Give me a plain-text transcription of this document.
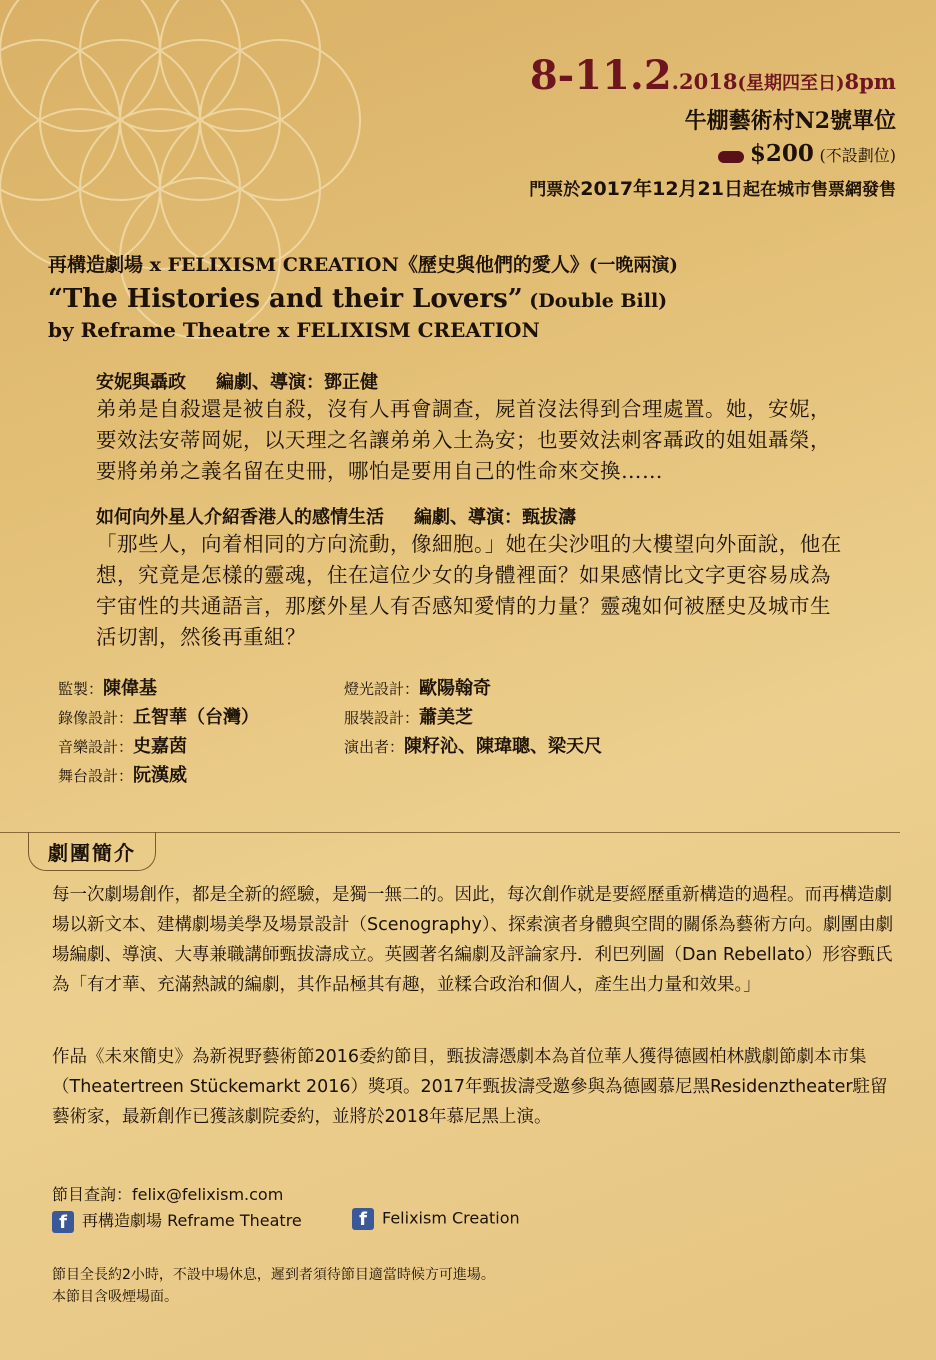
8-11.2.2018(星期四至日)8pm
牛棚藝術村N2號單位
$200 (不設劃位)
門票於2017年12月21日起在城市售票網發售
再構造劇場 x FELIXISM CREATION《歷史與他們的愛人》(一晚兩演)
“The Histories and their Lovers” (Double Bill)
by Reframe Theatre x FELIXISM CREATION
安妮與聶政 編劇、導演：鄧正健
弟弟是自殺還是被自殺，沒有人再會調查，屍首沒法得到合理處置。她，安妮，要效法安蒂岡妮，以天理之名讓弟弟入土為安；也要效法刺客聶政的姐姐聶榮，要將弟弟之義名留在史冊，哪怕是要用自己的性命來交換……
如何向外星人介紹香港人的感情生活 編劇、導演：甄拔濤
「那些人，向着相同的方向流動，像細胞。」她在尖沙咀的大樓望向外面說，他在想，究竟是怎樣的靈魂，住在這位少女的身體裡面？如果感情比文字更容易成為宇宙性的共通語言，那麼外星人有否感知愛情的力量？靈魂如何被歷史及城市生活切割，然後再重組？
監製：陳偉基
錄像設計：丘智華（台灣）
音樂設計：史嘉茵
舞台設計：阮漢威
燈光設計：歐陽翰奇
服裝設計：蕭美芝
演出者：陳籽沁、陳瑋聰、梁天尺
劇團簡介
每一次劇場創作，都是全新的經驗，是獨一無二的。因此，每次創作就是要經歷重新構造的過程。而再構造劇場以新文本、建構劇場美學及場景設計（Scenography）、探索演者身體與空間的關係為藝術方向。劇團由劇場編劇、導演、大專兼職講師甄拔濤成立。英國著名編劇及評論家丹．利巴列圖（Dan Rebellato）形容甄氏為「有才華、充滿熱誠的編劇，其作品極其有趣，並糅合政治和個人，產生出力量和效果。」
作品《未來簡史》為新視野藝術節2016委約節目，甄拔濤憑劇本為首位華人獲得德國柏林戲劇節劇本市集（Theatertreen Stückemarkt 2016）獎項。2017年甄拔濤受邀參與為德國慕尼黑Residenztheater駐留藝術家，最新創作已獲該劇院委約，並將於2018年慕尼黑上演。
節目查詢：felix@felixism.com
f 再構造劇場 Reframe Theatre	f Felixism Creation
節目全長約2小時，不設中場休息，遲到者須待節目適當時候方可進場。
本節目含吸煙場面。
